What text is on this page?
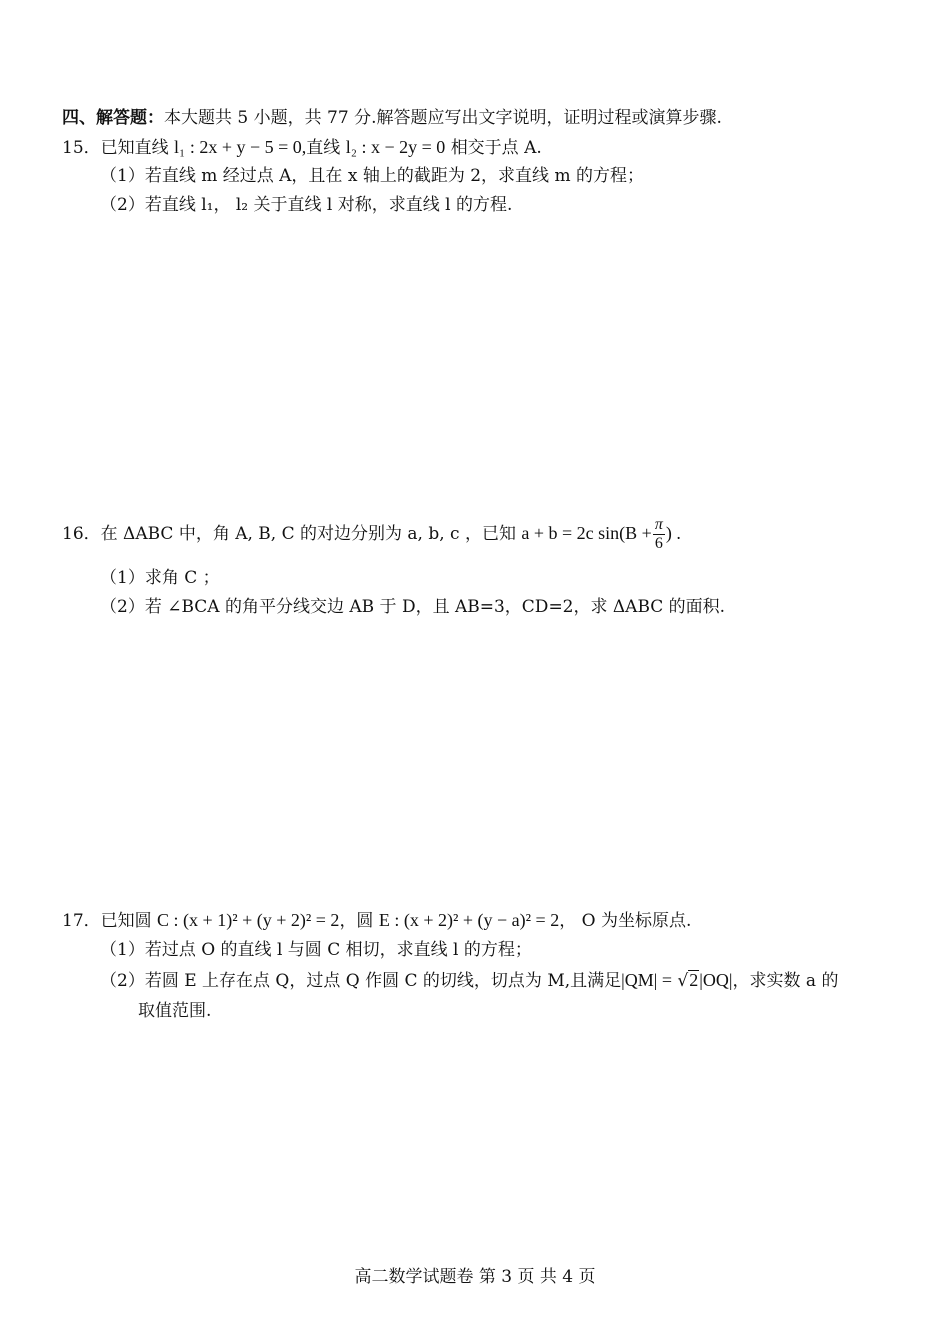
四、解答题：本大题共 5 小题，共 77 分.解答题应写出文字说明，证明过程或演算步骤.
15．已知直线 l₁ : 2x + y − 5 = 0,直线 l₂ : x − 2y = 0 相交于点 A.
（1）若直线 m 经过点 A，且在 x 轴上的截距为 2，求直线 m 的方程；
（2）若直线 l₁， l₂ 关于直线 l 对称，求直线 l 的方程.
16．在 ΔABC 中，角 A, B, C 的对边分别为 a, b, c ，已知 a + b = 2c $\sin(B + \frac{\pi}{6}$ ) .
（1）求角 C ；
（2）若 ∠BCA 的角平分线交边 AB 于 D，且 AB=3，CD=2，求 ΔABC 的面积.
17．已知圆 C : (x + 1)² + (y + 2)² = 2，圆 E : (x + 2)² + (y − a)² = 2， O 为坐标原点.
（1）若过点 O 的直线 l 与圆 C 相切，求直线 l 的方程；
（2）若圆 E 上存在点 Q，过点 Q 作圆 C 的切线，切点为 M,且满足|QM| = √2|OQ|，求实数 a 的
取值范围.
高二数学试题卷 第 3 页 共 4 页
